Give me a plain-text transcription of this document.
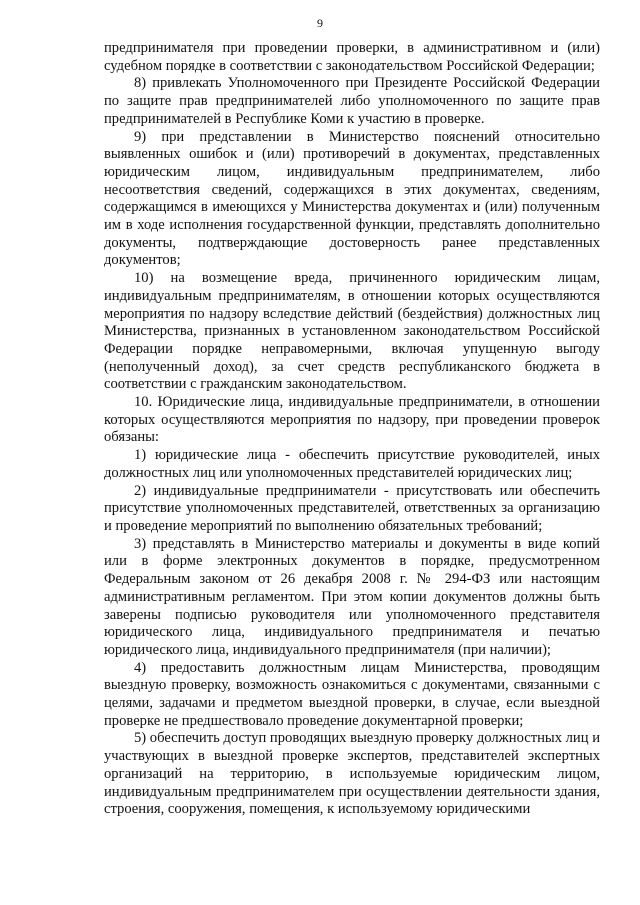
9

предпринимателя при проведении проверки, в административном и (или) судебном порядке в соответствии с законодательством Российской Федерации;

8) привлекать Уполномоченного при Президенте Российской Федерации по защите прав предпринимателей либо уполномоченного по защите прав предпринимателей в Республике Коми к участию в проверке.

9) при представлении в Министерство пояснений относительно выявленных ошибок и (или) противоречий в документах, представленных юридическим лицом, индивидуальным предпринимателем, либо несоответствия сведений, содержащихся в этих документах, сведениям, содержащимся в имеющихся у Министерства документах и (или) полученным им в ходе исполнения государственной функции, представлять дополнительно документы, подтверждающие достоверность ранее представленных документов;

10) на возмещение вреда, причиненного юридическим лицам, индивидуальным предпринимателям, в отношении которых осуществляются мероприятия по надзору вследствие действий (бездействия) должностных лиц Министерства, признанных в установленном законодательством Российской Федерации порядке неправомерными, включая упущенную выгоду (неполученный доход), за счет средств республиканского бюджета в соответствии с гражданским законодательством.

10. Юридические лица, индивидуальные предприниматели, в отношении которых осуществляются мероприятия по надзору, при проведении проверок обязаны:

1) юридические лица - обеспечить присутствие руководителей, иных должностных лиц или уполномоченных представителей юридических лиц;

2) индивидуальные предприниматели - присутствовать или обеспечить присутствие уполномоченных представителей, ответственных за организацию и проведение мероприятий по выполнению обязательных требований;

3) представлять в Министерство материалы и документы в виде копий или в форме электронных документов в порядке, предусмотренном Федеральным законом от 26 декабря 2008 г. № 294-ФЗ или настоящим административным регламентом. При этом копии документов должны быть заверены подписью руководителя или уполномоченного представителя юридического лица, индивидуального предпринимателя и печатью юридического лица, индивидуального предпринимателя (при наличии);

4) предоставить должностным лицам Министерства, проводящим выездную проверку, возможность ознакомиться с документами, связанными с целями, задачами и предметом выездной проверки, в случае, если выездной проверке не предшествовало проведение документарной проверки;

5) обеспечить доступ проводящих выездную проверку должностных лиц и участвующих в выездной проверке экспертов, представителей экспертных организаций на территорию, в используемые юридическим лицом, индивидуальным предпринимателем при осуществлении деятельности здания, строения, сооружения, помещения, к используемому юридическими
